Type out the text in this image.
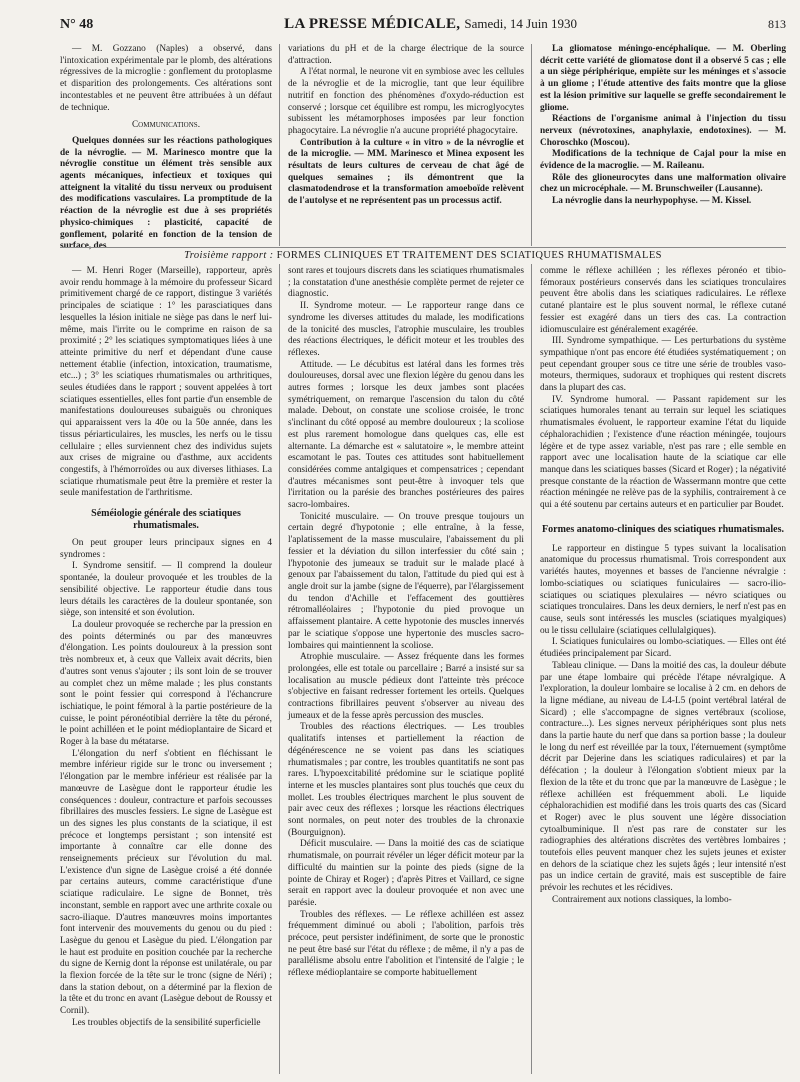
N° 48	LA PRESSE MÉDICALE, Samedi, 14 Juin 1930	813

— M. Gozzano (Naples) a observé, dans l'intoxication expérimentale par le plomb, des altérations régressives de la microglie : gonflement du protoplasme et disparition des prolongements. Ces altérations sont incontestables et ne peuvent être attribuées à un défaut de technique.

Communications.

Quelques données sur les réactions pathologiques de la névroglie. — M. Marinesco montre que la névroglie constitue un élément très sensible aux agents mécaniques, infectieux et toxiques qui atteignent la vitalité du tissu nerveux ou produisent des modifications vasculaires. La promptitude de la réaction de la névroglie est due à ses propriétés physico-chimiques : plasticité, capacité de gonflement, polarité en fonction de la tension de surface, des

variations du pH et de la charge électrique de la source d'attraction.

A l'état normal, le neurone vit en symbiose avec les cellules de la névroglie et de la microglie, tant que leur équilibre nutritif en fonction des phénomènes d'oxydo-réduction est conservé ; lorsque cet équilibre est rompu, les microglyocytes subissent les métamorphoses imposées par leur fonction phagocytaire. La névroglie n'a aucune propriété phagocytaire.

Contribution à la culture « in vitro » de la névroglie et de la microglie. — MM. Marinesco et Minea exposent les résultats de leurs cultures de cerveau de chat âgé de quelques semaines ; ils démontrent que la clasmatodendrose et la transformation amoeboïde relèvent de l'autolyse et ne représentent pas un processus actif.

La gliomatose méningo-encéphalique. — M. Oberling décrit cette variété de gliomatose dont il a observé 5 cas ; elle a un siège périphérique, empiète sur les méninges et s'associe à un gliome ; l'étude attentive des faits montre que la gliose est la lésion primitive sur laquelle se greffe secondairement le gliome.

Réactions de l'organisme animal à l'injection du tissu nerveux (névrotoxines, anaphylaxie, endotoxines). — M. Choroschko (Moscou).

Modifications de la technique de Cajal pour la mise en évidence de la macroglie. — M. Raileanu.

Rôle des glioneurocytes dans une malformation olivaire chez un microcéphale. — M. Brunschweiler (Lausanne).

La névroglie dans la neurhypophyse. — M. Kissel.

Troisième rapport : FORMES CLINIQUES ET TRAITEMENT DES SCIATIQUES RHUMATISMALES

— M. Henri Roger (Marseille), rapporteur, après avoir rendu hommage à la mémoire du professeur Sicard primitivement chargé de ce rapport, distingue 3 variétés principales de sciatique : 1° les parasciatiques dans lesquelles la lésion initiale ne siège pas dans le nerf lui-même, mais l'irrite ou le comprime en raison de sa proximité ; 2° les sciatiques symptomatiques liées à une atteinte primitive du nerf et dépendant d'une cause nettement établie (infection, intoxication, traumatisme, etc...) ; 3° les sciatiques rhumatismales ou arthritiques, seules étudiées dans le rapport ; souvent appelées à tort sciatiques essentielles, elles font partie d'un ensemble de manifestations douloureuses subaiguës ou chroniques qui apparaissent vers la 40e ou la 50e année, dans les tissus périarticulaires, les muscles, les nerfs ou le tissu cellulaire ; elles surviennent chez des individus sujets aux crises de migraine ou d'asthme, aux accidents congestifs, à l'hémorroïdes ou aux diverses lithiases. La sciatique rhumatismale peut être la première et rester la seule manifestation de l'arthritisme.

Séméiologie générale des sciatiques rhumatismales.

On peut grouper leurs principaux signes en 4 syndromes :

I. Syndrome sensitif. — Il comprend la douleur spontanée, la douleur provoquée et les troubles de la sensibilité objective. Le rapporteur étudie dans tous leurs détails les caractères de la douleur spontanée, son siège, son intensité et son évolution.

La douleur provoquée se recherche par la pression en des points déterminés ou par des manœuvres d'élongation. Les points douloureux à la pression sont très nombreux et, à ceux que Valleix avait décrits, bien d'autres sont venus s'ajouter ; ils sont loin de se trouver au complet chez un même malade ; les plus constants sont le point fessier qui correspond à l'échancrure ischiatique, le point fémoral à la partie postérieure de la cuisse, le point péronéotibial derrière la tête du péroné, le point achilléen et le point médioplantaire de Sicard et Roger à la base du métatarse.

L'élongation du nerf s'obtient en fléchissant le membre inférieur rigide sur le tronc ou inversement ; l'élongation par le membre inférieur est réalisée par la manœuvre de Lasègue dont le rapporteur étudie les conséquences : douleur, contracture et parfois secousses fibrillaires des muscles fessiers. Le signe de Lasègue est un des signes les plus constants de la sciatique, il est précoce et longtemps persistant ; son intensité est importante à connaître car elle donne des renseignements précieux sur l'évolution du mal. L'existence d'un signe de Lasègue croisé a été donnée par certains auteurs, comme caractéristique d'une sciatique radiculaire. Le signe de Bonnet, très inconstant, semble en rapport avec une arthrite coxale ou sacro-iliaque. D'autres manœuvres moins importantes font intervenir des mouvements du genou ou du pied : Lasègue du genou et Lasègue du pied. L'élongation par le haut est produite en position couchée par la recherche du signe de Kernig dont la réponse est unilatérale, ou par la flexion forcée de la tête sur le tronc (signe de Néri) ; dans la station debout, on a déterminé par la flexion de la tête et du tronc en avant (Lasègue debout de Roussy et Cornil).

Les troubles objectifs de la sensibilité superficielle

sont rares et toujours discrets dans les sciatiques rhumatismales ; la constatation d'une anesthésie complète permet de rejeter ce diagnostic.

II. Syndrome moteur. — Le rapporteur range dans ce syndrome les diverses attitudes du malade, les modifications de la tonicité des muscles, l'atrophie musculaire, les troubles des réactions électriques, le déficit moteur et les troubles des réflexes.

Attitude. — Le décubitus est latéral dans les formes très douloureuses, dorsal avec une flexion légère du genou dans les autres formes ; lorsque les deux jambes sont placées symétriquement, on remarque l'ascension du talon du côté malade. Debout, on constate une scoliose croisée, le tronc s'inclinant du côté opposé au membre douloureux ; la scoliose est plus rarement homologue dans quelques cas, elle est alternante. La démarche est « salutatoire », le membre atteint escamotant le pas. Toutes ces attitudes sont habituellement considérées comme antalgiques et compensatrices ; cependant d'autres mécanismes sont peut-être à invoquer tels que l'irritation ou la parésie des branches postérieures des paires sacro-lombaires.

Tonicité musculaire. — On trouve presque toujours un certain degré d'hypotonie ; elle entraîne, à la fesse, l'aplatissement de la masse musculaire, l'abaissement du pli fessier et la déviation du sillon interfessier du côté sain ; l'hypotonie des jumeaux se traduit sur le malade placé à genoux par l'abaissement du talon, l'attitude du pied qui est à angle droit sur la jambe (signe de l'équerre), par l'élargissement du tendon d'Achille et l'effacement des gouttières rétromalléolaires ; l'hypotonie du pied provoque un affaissement plantaire. A cette hypotonie des muscles innervés par le sciatique s'oppose une hypertonie des muscles sacro-lombaires qui maintiennent la scoliose.

Atrophie musculaire. — Assez fréquente dans les formes prolongées, elle est totale ou parcellaire ; Barré a insisté sur sa localisation au muscle pédieux dont l'atteinte très précoce s'objective en faisant redresser fortement les orteils. Quelques contractions fibrillaires peuvent s'observer au niveau des jumeaux et de la fesse après percussion des muscles.

Troubles des réactions électriques. — Les troubles qualitatifs intenses et partiellement la réaction de dégénérescence ne se voient pas dans les sciatiques rhumatismales ; par contre, les troubles quantitatifs ne sont pas rares. L'hypoexcitabilité prédomine sur le sciatique poplité interne et les muscles plantaires sont plus touchés que ceux du mollet. Les troubles électriques marchent le plus souvent de pair avec ceux des réflexes ; lorsque les réactions électriques sont normales, on peut noter des troubles de la chronaxie (Bourguignon).

Déficit musculaire. — Dans la moitié des cas de sciatique rhumatismale, on pourrait révéler un léger déficit moteur par la difficulté du maintien sur la pointe des pieds (signe de la pointe de Chiray et Roger) ; d'après Pitres et Vaillard, ce signe serait en rapport avec la douleur provoquée et non avec une parésie.

Troubles des réflexes. — Le réflexe achilléen est assez fréquemment diminué ou aboli ; l'abolition, parfois très précoce, peut persister indéfiniment, de sorte que le pronostic ne peut être basé sur l'état du réflexe ; de même, il n'y a pas de parallélisme absolu entre l'abolition et l'intensité de l'algie ; le réflexe médioplantaire se comporte habituellement

comme le réflexe achilléen ; les réflexes péronéo et tibio-fémoraux postérieurs conservés dans les sciatiques tronculaires peuvent être abolis dans les sciatiques radiculaires. Le réflexe cutané plantaire est le plus souvent normal, le réflexe cutané fessier est exagéré dans un tiers des cas. La contraction idiomusculaire est généralement exagérée.

III. Syndrome sympathique. — Les perturbations du système sympathique n'ont pas encore été étudiées systématiquement ; on peut cependant grouper sous ce titre une série de troubles vaso-moteurs, thermiques, sudoraux et trophiques qui restent discrets dans la plupart des cas.

IV. Syndrome humoral. — Passant rapidement sur les sciatiques humorales tenant au terrain sur lequel les sciatiques rhumatismales évoluent, le rapporteur examine l'état du liquide céphalorachidien ; l'existence d'une réaction méningée, toujours légère et de type assez variable, n'est pas rare ; elle semble en rapport avec une localisation haute de la sciatique car elle manque dans les sciatiques basses (Sicard et Roger) ; la négativité presque constante de la réaction de Wassermann montre que cette réaction méningée ne relève pas de la syphilis, contrairement à ce qui a été soutenu par certains auteurs et en particulier par Boudet.

Formes anatomo-cliniques des sciatiques rhumatismales.

Le rapporteur en distingue 5 types suivant la localisation anatomique du processus rhumatismal. Trois correspondent aux variétés hautes, moyennes et basses de l'ancienne névralgie : lombo-sciatiques ou sciatiques funiculaires — sacro-ilio-sciatiques ou sciatiques plexulaires — névro sciatiques ou sciatiques tronculaires. Dans les deux derniers, le nerf n'est pas en cause, seuls sont intéressés les muscles (sciatiques myalgiques) ou le tissu cellulaire (sciatiques cellulalgiques).

I. Sciatiques funiculaires ou lombo-sciatiques. — Elles ont été étudiées principalement par Sicard.

Tableau clinique. — Dans la moitié des cas, la douleur débute par une étape lombaire qui précède l'étape névralgique. A l'exploration, la douleur lombaire se localise à 2 cm. en dehors de la ligne médiane, au niveau de L4-L5 (point vertébral latéral de Sicard) ; elle s'accompagne de signes vertébraux (scoliose, contracture...). Les signes nerveux périphériques sont plus nets dans la partie haute du nerf que dans sa portion basse ; la douleur le long du nerf est réveillée par la toux, l'éternuement (symptôme décrit par Dejerine dans les sciatiques radiculaires) et par la défécation ; la douleur à l'élongation s'obtient mieux par la flexion de la tête et du tronc que par la manœuvre de Lasègue ; le réflexe achilléen est fréquemment aboli. Le liquide céphalorachidien est modifié dans les trois quarts des cas (Sicard et Roger) avec le plus souvent une légère dissociation cytoalbuminique. Il n'est pas rare de constater sur les radiographies des altérations discrètes des vertèbres lombaires ; toutefois elles peuvent manquer chez les sujets jeunes et exister en dehors de la sciatique chez les sujets âgés ; leur intensité n'est pas un indice certain de gravité, mais est susceptible de faire prévoir les rechutes et les récidives.

Contrairement aux notions classiques, la lombo-
